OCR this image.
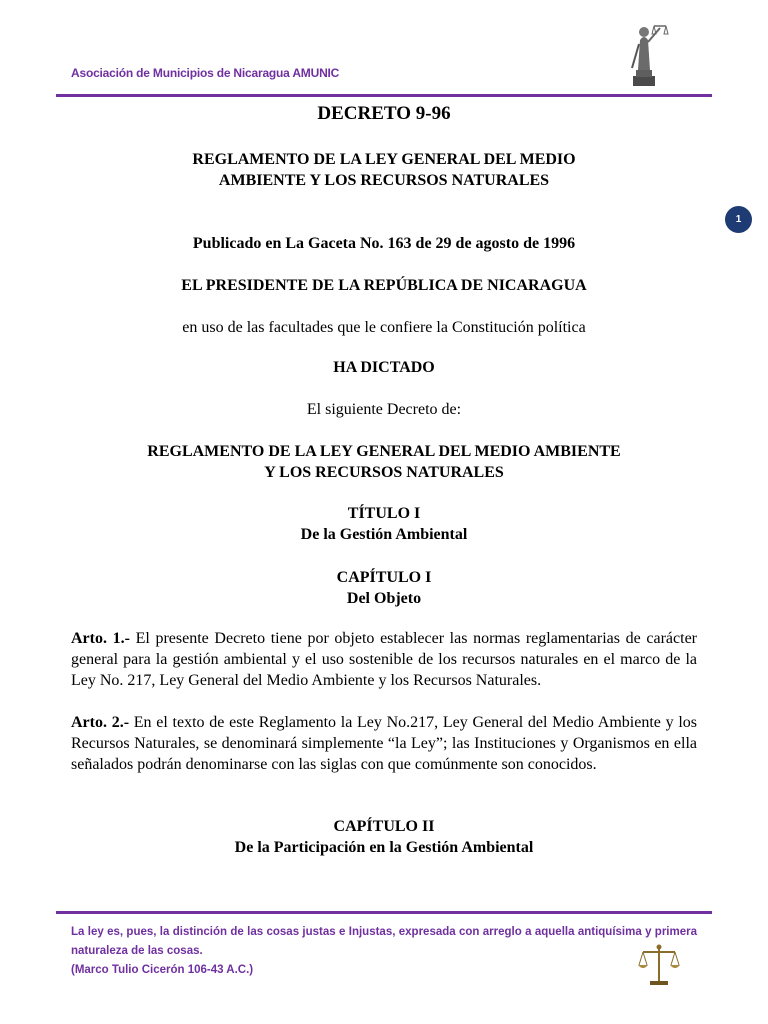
Asociación de Municipios de Nicaragua AMUNIC
1
DECRETO 9-96
REGLAMENTO DE LA LEY GENERAL DEL MEDIO
AMBIENTE Y LOS RECURSOS NATURALES
Publicado en La Gaceta No. 163 de 29 de agosto de 1996
EL PRESIDENTE DE LA REPÚBLICA DE NICARAGUA
en uso de las facultades que le confiere la Constitución política
HA DICTADO
El siguiente Decreto de:
REGLAMENTO DE LA LEY GENERAL DEL MEDIO AMBIENTE
Y LOS RECURSOS NATURALES
TÍTULO I
De la Gestión Ambiental
CAPÍTULO I
Del Objeto
Arto. 1.- El presente Decreto tiene por objeto establecer las normas reglamentarias de carácter general para la gestión ambiental y el uso sostenible de los recursos naturales en el marco de la Ley No. 217, Ley General del Medio Ambiente y los Recursos Naturales.
Arto. 2.- En el texto de este Reglamento la Ley No.217, Ley General del Medio Ambiente y los Recursos Naturales, se denominará simplemente “la Ley”; las Instituciones y Organismos en ella señalados podrán denominarse con las siglas con que comúnmente son conocidos.
CAPÍTULO II
De la Participación en la Gestión Ambiental
La ley es, pues, la distinción de las cosas justas e Injustas, expresada con arreglo a aquella antiquísima y primera naturaleza de las cosas.
(Marco Tulio Cicerón 106-43 A.C.)
